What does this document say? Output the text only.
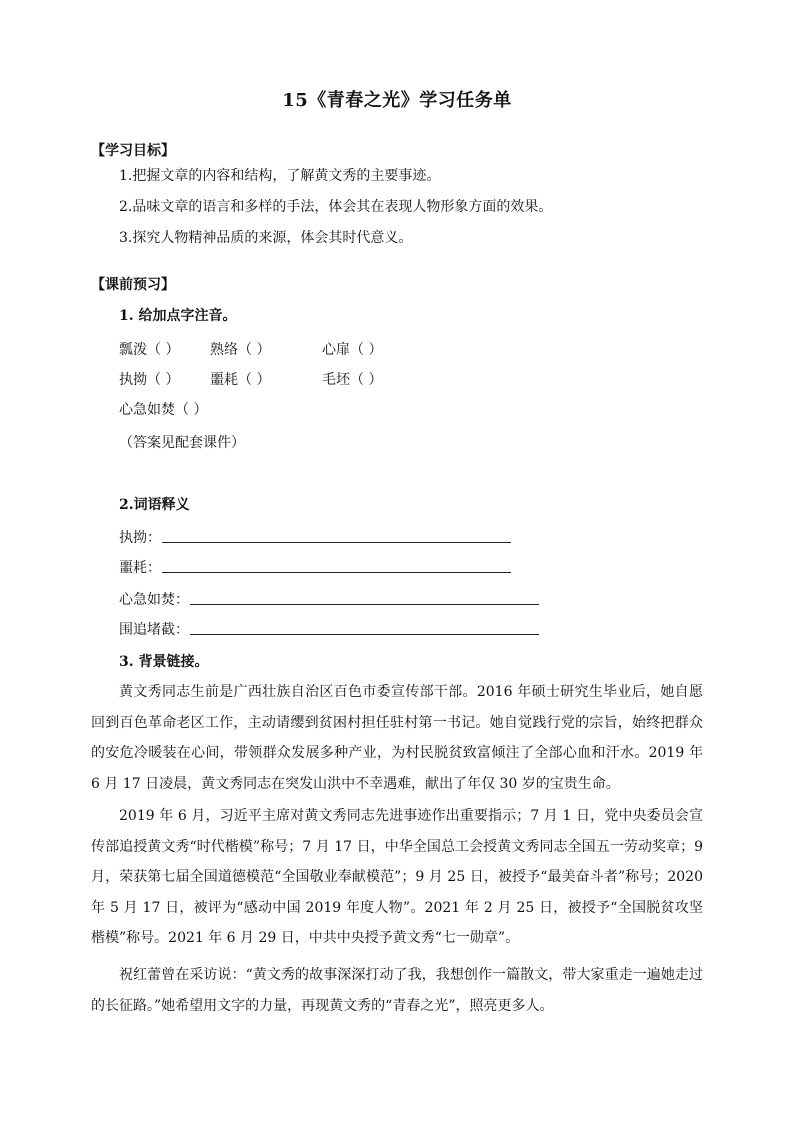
15《青春之光》学习任务单
【学习目标】
1.把握文章的内容和结构，了解黄文秀的主要事迹。
2.品味文章的语言和多样的手法，体会其在表现人物形象方面的效果。
3.探究人物精神品质的来源，体会其时代意义。
【课前预习】
1. 给加点字注音。
瓢泼（ ） 熟络（ ）	心扉（ ）
执拗（ ） 噩耗（ ）	毛坯（ ）
心急如焚（ ）
（答案见配套课件）
2.词语释义
执拗：
噩耗：
心急如焚：
围追堵截：
3. 背景链接。
黄文秀同志生前是广西壮族自治区百色市委宣传部干部。2016 年硕士研究生毕业后，她自愿回到百色革命老区工作，主动请缨到贫困村担任驻村第一书记。她自觉践行党的宗旨，始终把群众的安危冷暖装在心间，带领群众发展多种产业，为村民脱贫致富倾注了全部心血和汗水。2019 年 6 月 17 日凌晨，黄文秀同志在突发山洪中不幸遇难，献出了年仅 30 岁的宝贵生命。
2019 年 6 月，习近平主席对黄文秀同志先进事迹作出重要指示；7 月 1 日，党中央委员会宣传部追授黄文秀“时代楷模”称号；7 月 17 日，中华全国总工会授黄文秀同志全国五一劳动奖章；9 月，荣获第七届全国道德模范“全国敬业奉献模范”；9 月 25 日，被授予“最美奋斗者”称号；2020 年 5 月 17 日，被评为“感动中国 2019 年度人物”。2021 年 2 月 25 日，被授予“全国脱贫攻坚楷模”称号。2021 年 6 月 29 日，中共中央授予黄文秀“七一勋章”。
祝红蕾曾在采访说：“黄文秀的故事深深打动了我，我想创作一篇散文，带大家重走一遍她走过的长征路。”她希望用文字的力量，再现黄文秀的“青春之光”，照亮更多人。
